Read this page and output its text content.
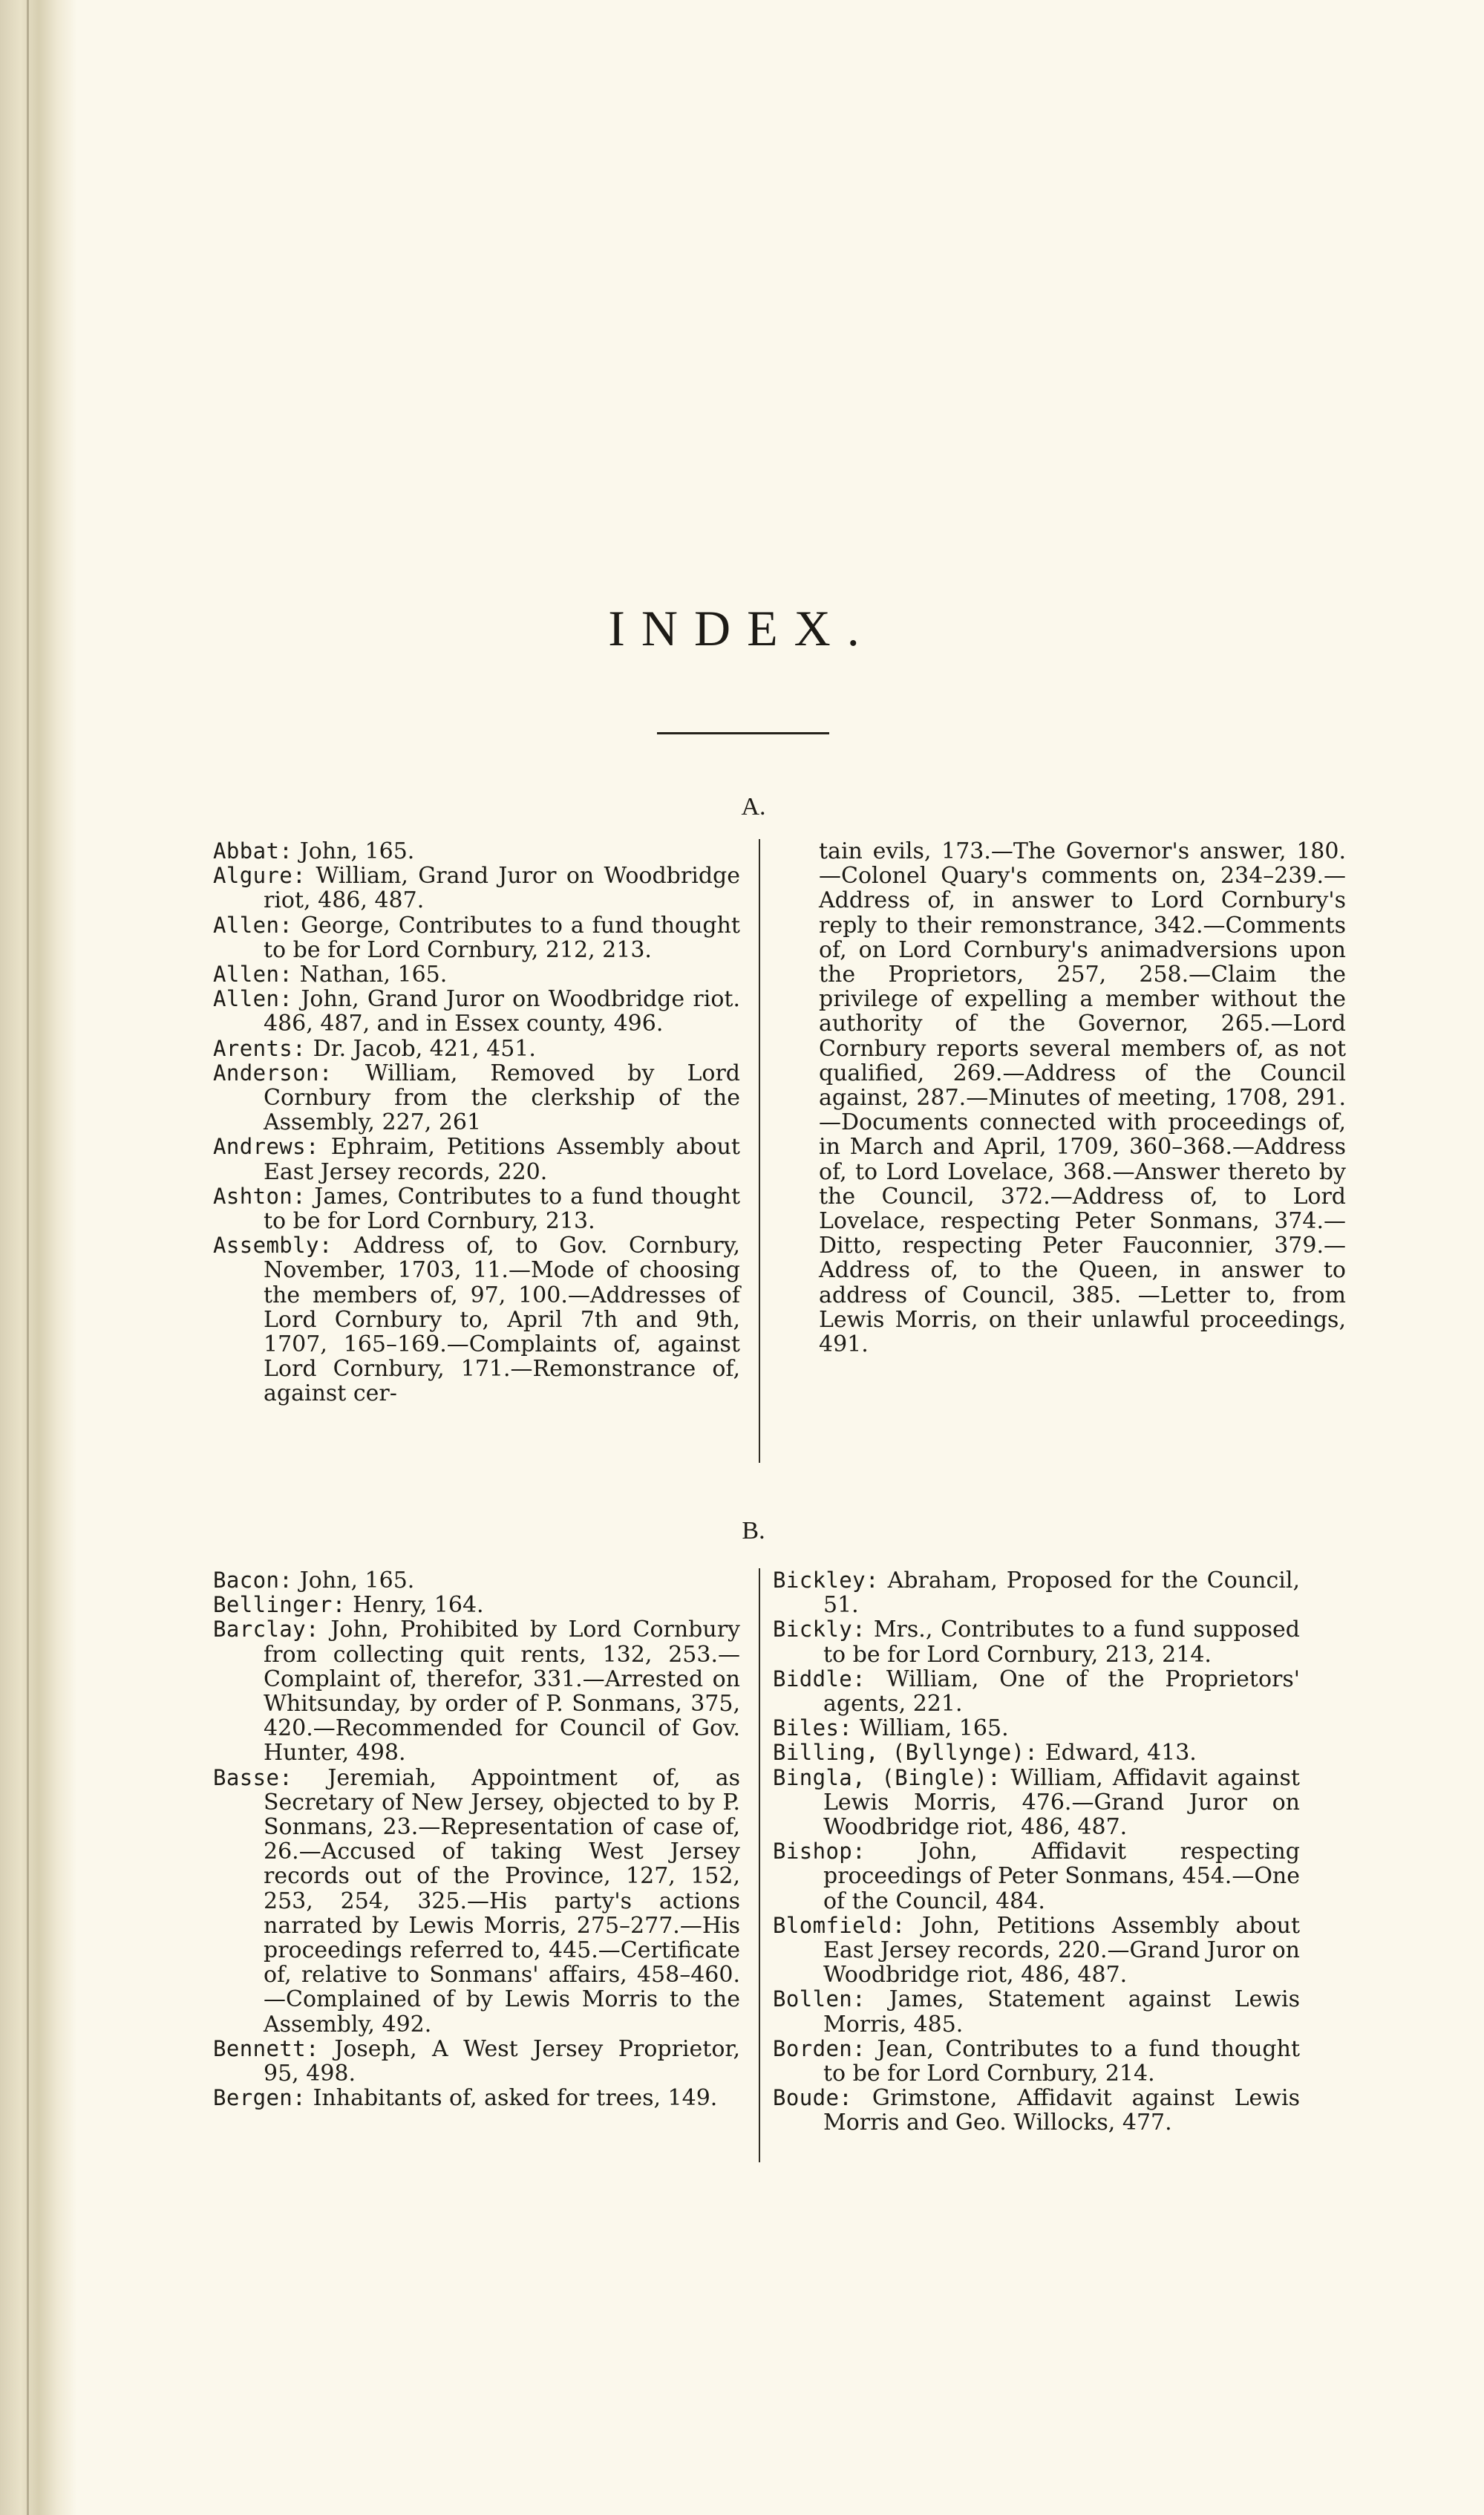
INDEX.
A.

Abbat: John, 165.

Algure: William, Grand Juror on Woodbridge riot, 486, 487.

Allen: George, Contributes to a fund thought to be for Lord Cornbury, 212, 213.

Allen: Nathan, 165.

Allen: John, Grand Juror on Woodbridge riot. 486, 487, and in Essex county, 496.

Arents: Dr. Jacob, 421, 451.

Anderson: William, Removed by Lord Cornbury from the clerkship of the Assembly, 227, 261

Andrews: Ephraim, Petitions Assembly about East Jersey records, 220.

Ashton: James, Contributes to a fund thought to be for Lord Cornbury, 213.

Assembly: Address of, to Gov. Cornbury, November, 1703, 11.—Mode of choosing the members of, 97, 100.—Addresses of Lord Cornbury to, April 7th and 9th, 1707, 165–169.—Complaints of, against Lord Cornbury, 171.—Remonstrance of, against cer-

tain evils, 173.—The Governor's answer, 180.—Colonel Quary's comments on, 234–239.—Address of, in answer to Lord Cornbury's reply to their remonstrance, 342.—Comments of, on Lord Cornbury's animadversions upon the Proprietors, 257, 258.—Claim the privilege of expelling a member without the authority of the Governor, 265.—Lord Cornbury reports several members of, as not qualified, 269.—Address of the Council against, 287.—Minutes of meeting, 1708, 291.—Documents connected with proceedings of, in March and April, 1709, 360–368.—Address of, to Lord Lovelace, 368.—Answer thereto by the Council, 372.—Address of, to Lord Lovelace, respecting Peter Sonmans, 374.—Ditto, respecting Peter Fauconnier, 379.—Address of, to the Queen, in answer to address of Council, 385. —Letter to, from Lewis Morris, on their unlawful proceedings, 491.

B.

Bacon: John, 165.

Bellinger: Henry, 164.

Barclay: John, Prohibited by Lord Cornbury from collecting quit rents, 132, 253.—Complaint of, therefor, 331.—Arrested on Whitsunday, by order of P. Sonmans, 375, 420.—Recommended for Council of Gov. Hunter, 498.

Basse: Jeremiah, Appointment of, as Secretary of New Jersey, objected to by P. Sonmans, 23.—Representation of case of, 26.—Accused of taking West Jersey records out of the Province, 127, 152, 253, 254, 325.—His party's actions narrated by Lewis Morris, 275–277.—His proceedings referred to, 445.—Certificate of, relative to Sonmans' affairs, 458–460. —Complained of by Lewis Morris to the Assembly, 492.

Bennett: Joseph, A West Jersey Proprietor, 95, 498.

Bergen: Inhabitants of, asked for trees, 149.

Bickley: Abraham, Proposed for the Council, 51.

Bickly: Mrs., Contributes to a fund supposed to be for Lord Cornbury, 213, 214.

Biddle: William, One of the Proprietors' agents, 221.

Biles: William, 165.

Billing, (Byllynge): Edward, 413.

Bingla, (Bingle): William, Affidavit against Lewis Morris, 476.—Grand Juror on Woodbridge riot, 486, 487.

Bishop: John, Affidavit respecting proceedings of Peter Sonmans, 454.—One of the Council, 484.

Blomfield: John, Petitions Assembly about East Jersey records, 220.—Grand Juror on Woodbridge riot, 486, 487.

Bollen: James, Statement against Lewis Morris, 485.

Borden: Jean, Contributes to a fund thought to be for Lord Cornbury, 214.

Boude: Grimstone, Affidavit against Lewis Morris and Geo. Willocks, 477.
